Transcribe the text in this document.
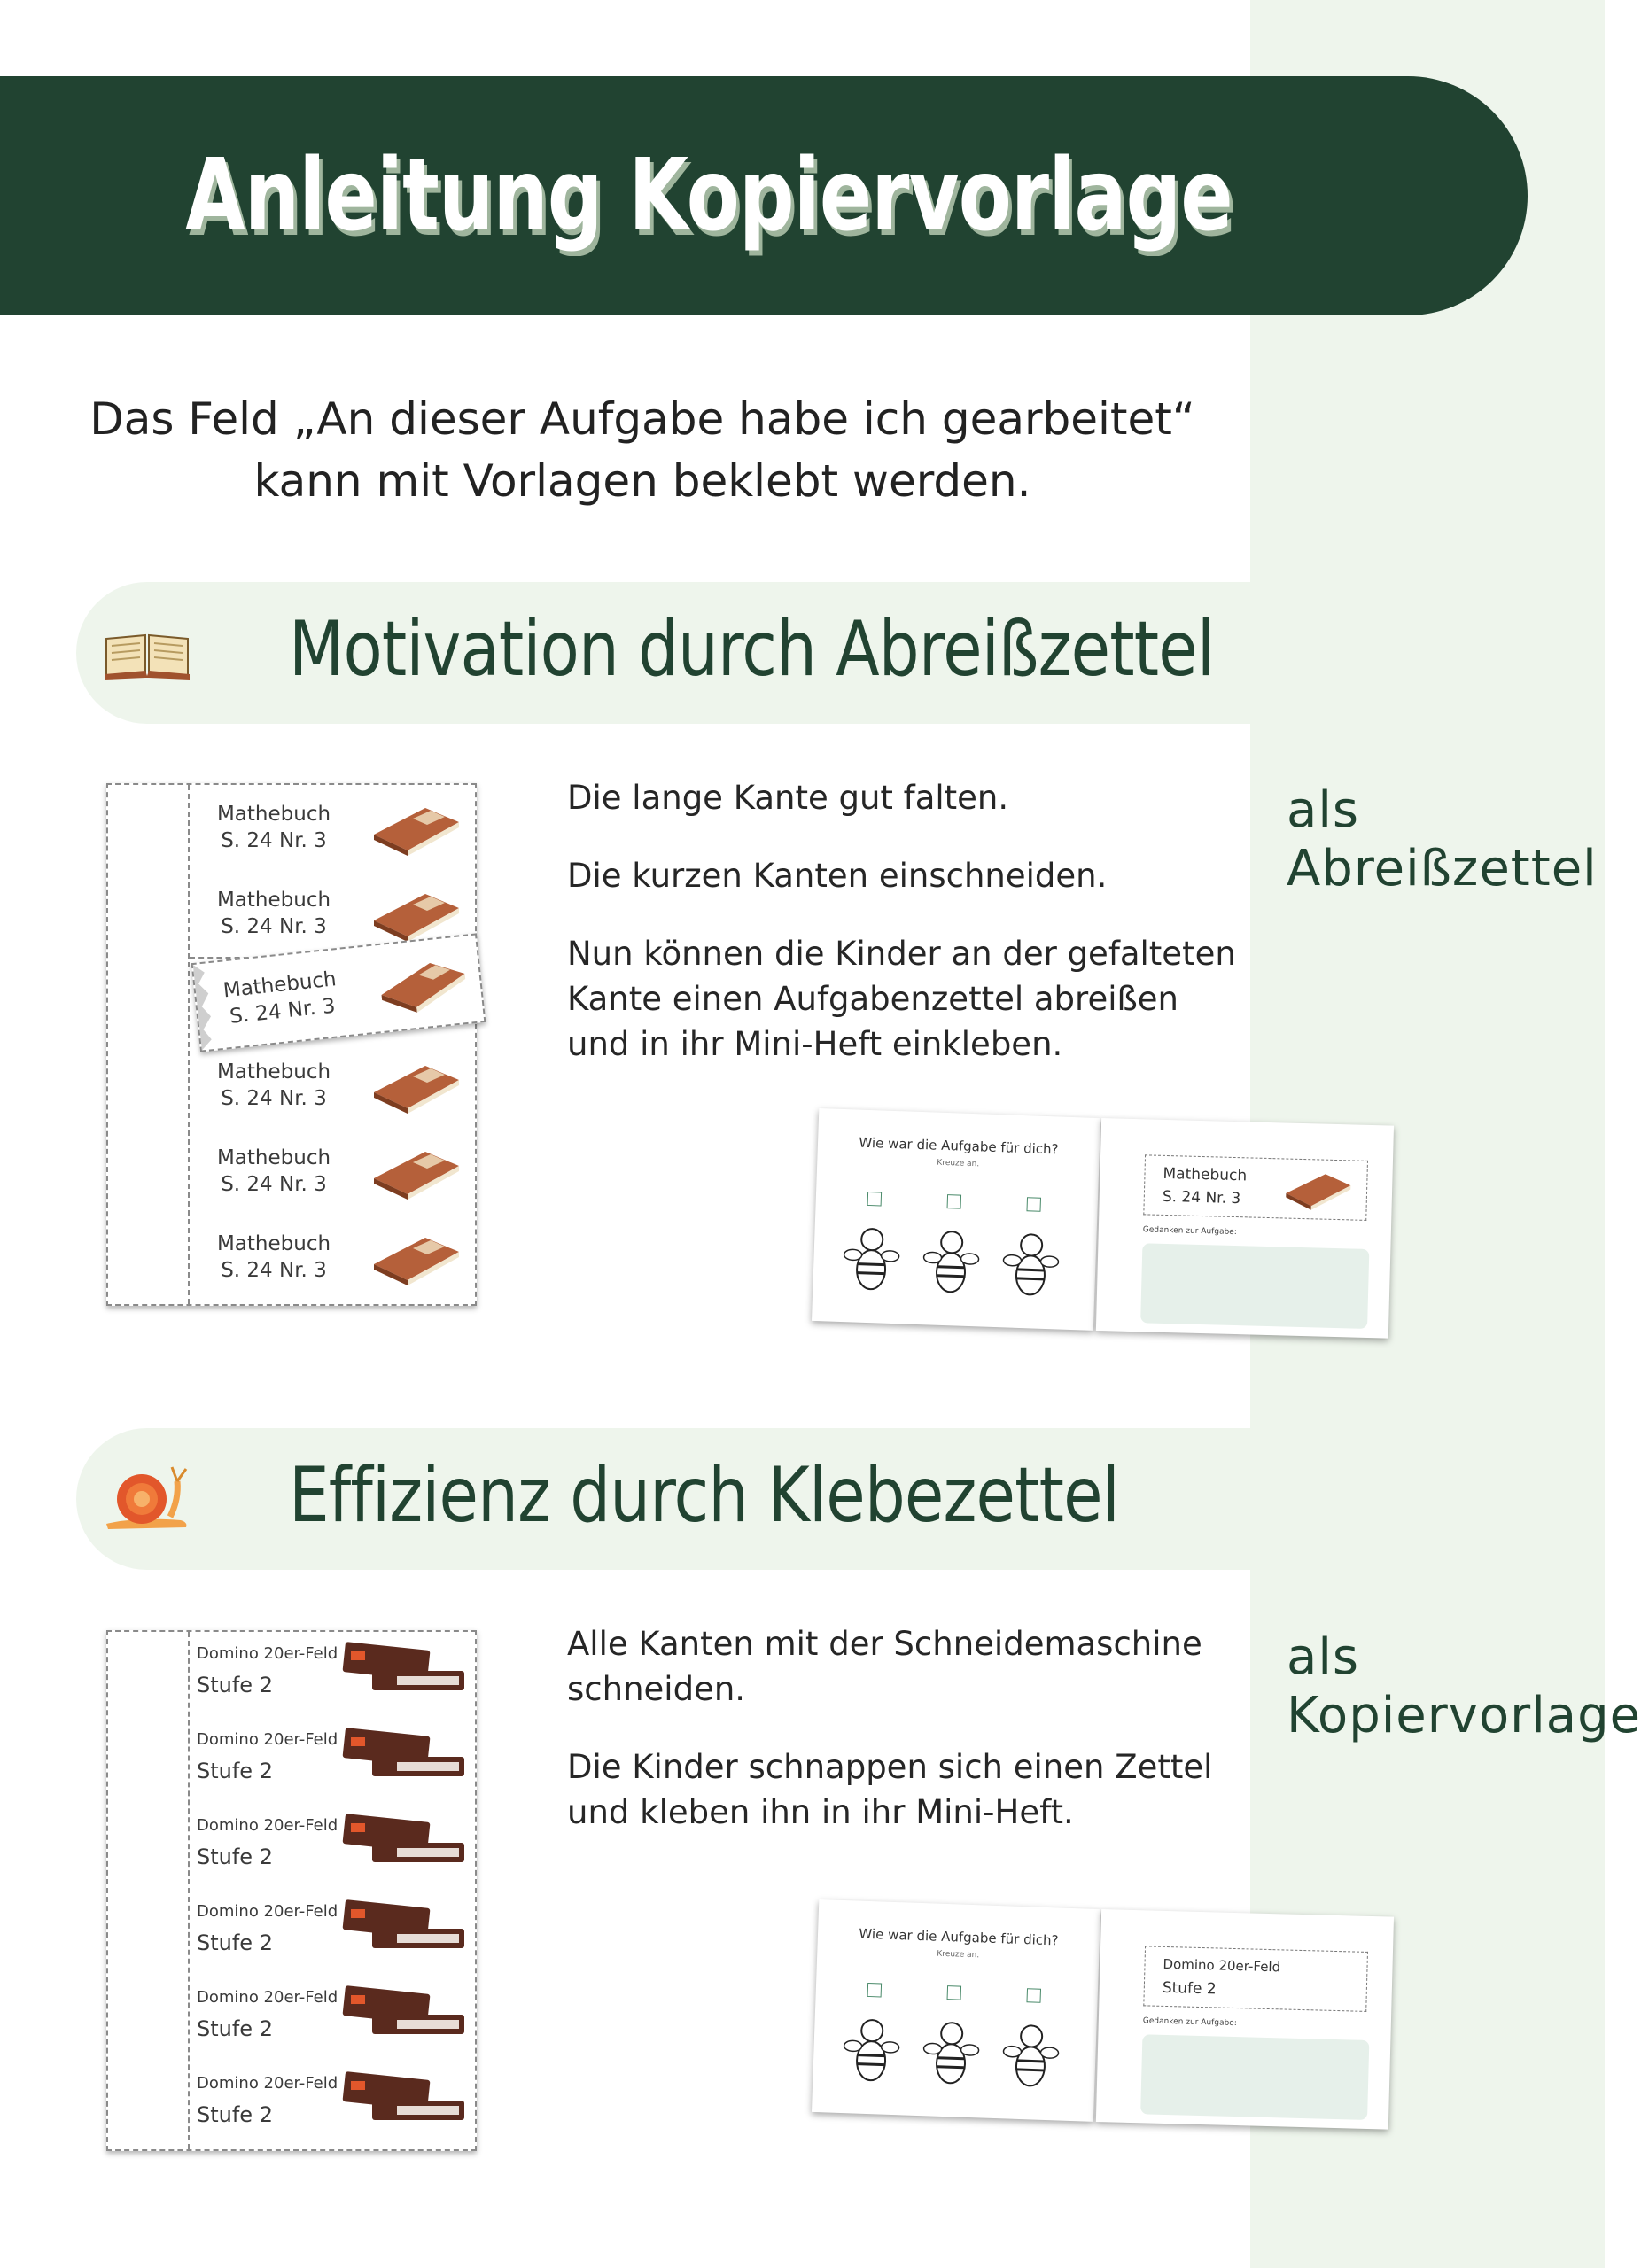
Anleitung Kopiervorlage
Das Feld „An dieser Aufgabe habe ich gearbeitet“
kann mit Vorlagen beklebt werden.
Motivation durch Abreißzettel
Mathebuch
S. 24 Nr. 3
Mathebuch
S. 24 Nr. 3
Mathebuch
S. 24 Nr. 3
Mathebuch
S. 24 Nr. 3
Mathebuch
S. 24 Nr. 3
Mathebuch
S. 24 Nr. 3

Die lange Kante gut falten.

Die kurzen Kanten einschneiden.

Nun können die Kinder an der gefalteten Kante einen Aufgabenzettel abreißen und in ihr Mini-Heft einkleben.

als
Abreißzettel
Wie war die Aufgabe für dich?
Kreuze an.
Mathebuch
S. 24 Nr. 3
Gedanken zur Aufgabe:
Effizienz durch Klebezettel
Domino 20er-Feld
Stufe 2
Domino 20er-Feld
Stufe 2
Domino 20er-Feld
Stufe 2
Domino 20er-Feld
Stufe 2
Domino 20er-Feld
Stufe 2
Domino 20er-Feld
Stufe 2

Alle Kanten mit der Schneidemaschine schneiden.

Die Kinder schnappen sich einen Zettel und kleben ihn in ihr Mini-Heft.

als
Kopiervorlage
Wie war die Aufgabe für dich?
Kreuze an.
Domino 20er-Feld
Stufe 2
Gedanken zur Aufgabe:
